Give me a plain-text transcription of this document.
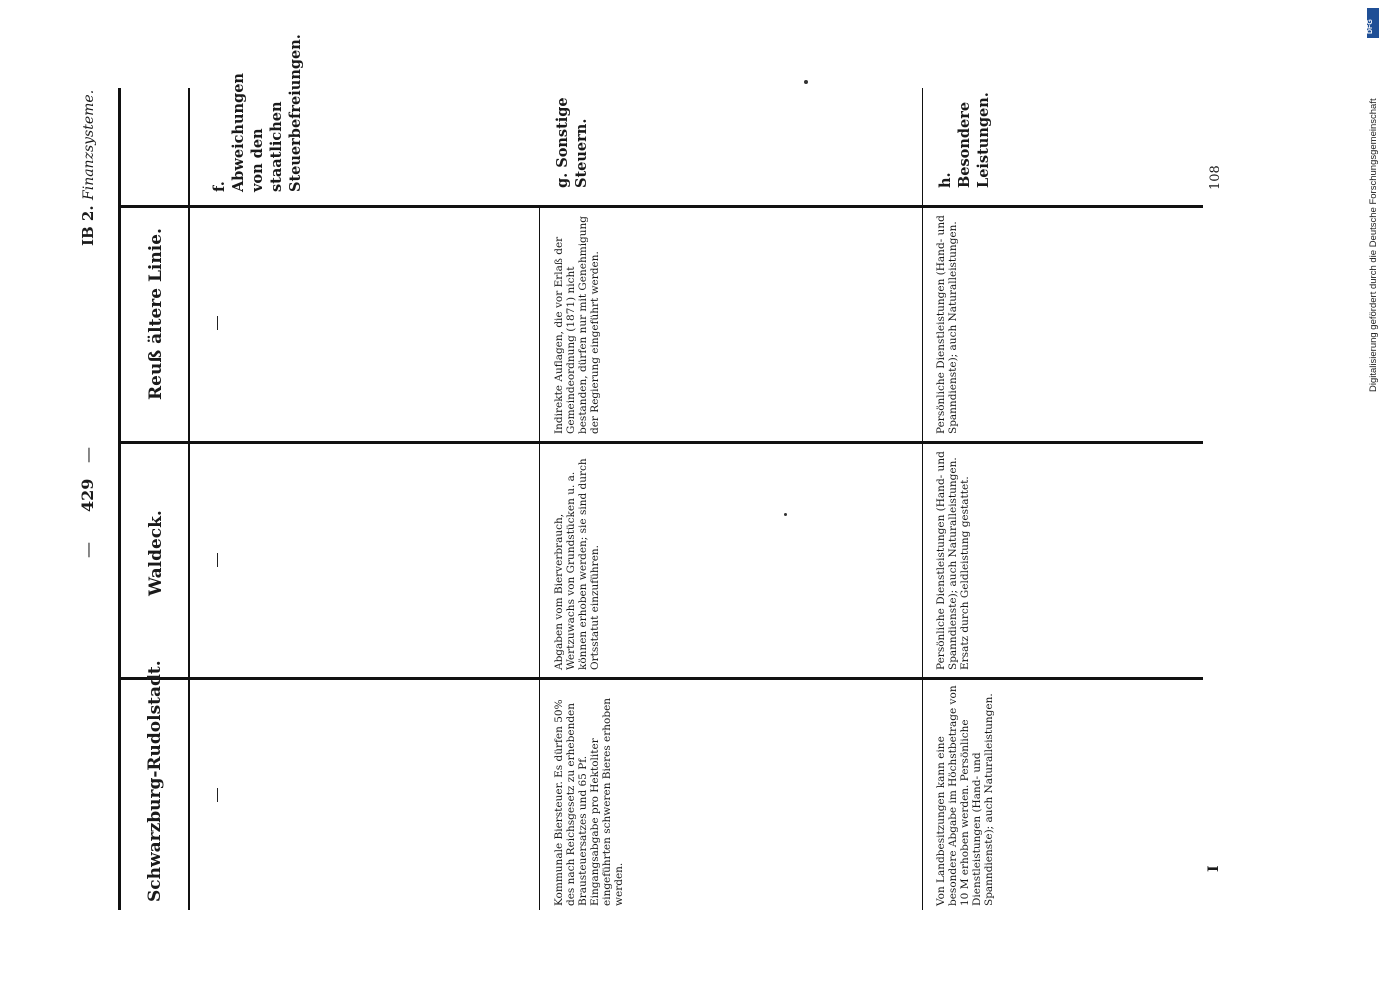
—
429
—
IB 2.
Finanzsysteme.
Schwarzburg-Rudolstadt.
Waldeck.
Reuß ältere Linie.
f. Abweichungen von den staatlichen Steuerbefreiungen.	g. Sonstige Steuern.	h. Besondere Leistungen.
Kommunale Biersteuer. Es dürfen 50% des nach Reichsgesetz zu erhebenden Brausteuersatzes und 65 Pf. Eingangsabgabe pro Hektoliter eingeführten schweren Bieres erhoben werden.
Abgaben vom Bierverbrauch, Wertzuwachs von Grundstücken u. a. können erhoben werden; sie sind durch Ortsstatut einzuführen.
Indirekte Auflagen, die vor Erlaß der Gemeindeordnung (1871) nicht bestanden, dürfen nur mit Genehmigung der Regierung eingeführt werden.
Von Landbesitzungen kann eine besondere Abgabe im Höchstbetrage von 10 M erhoben werden. Persönliche Dienstleistungen (Hand- und Spanndienste); auch Naturalleistungen.
Persönliche Dienstleistungen (Hand- und Spanndienste); auch Naturalleistungen. Ersatz durch Geldleistung gestattet.
Persönliche Dienstleistungen (Hand- und Spanndienste); auch Naturalleistungen.
I
108
DFG
Digitalisierung gefördert durch die Deutsche Forschungsgemeinschaft
